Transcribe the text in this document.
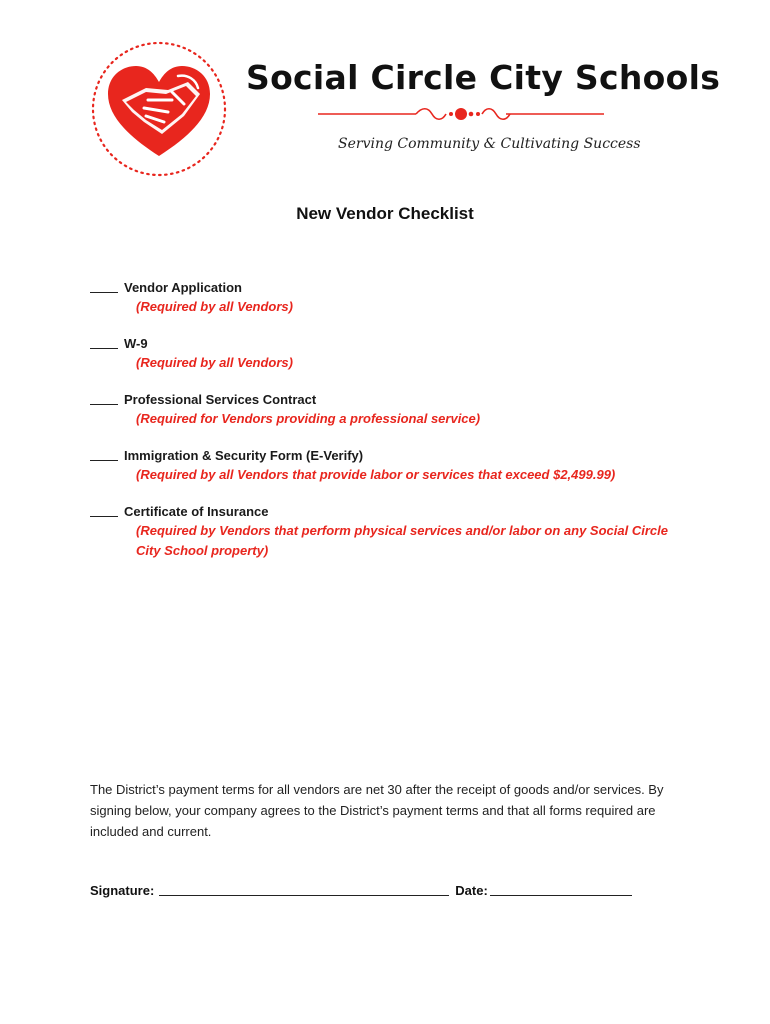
Social Circle City Schools
Serving Community & Cultivating Success
New Vendor Checklist
Vendor Application
(Required by all Vendors)
W-9
(Required by all Vendors)
Professional Services Contract
(Required for Vendors providing a professional service)
Immigration & Security Form (E-Verify)
(Required by all Vendors that provide labor or services that exceed $2,499.99)
Certificate of Insurance
(Required by Vendors that perform physical services and/or labor on any Social Circle City School property)
The District’s payment terms for all vendors are net 30 after the receipt of goods and/or services. By signing below, your company agrees to the District’s payment terms and that all forms required are included and current.
Signature:	Date:
